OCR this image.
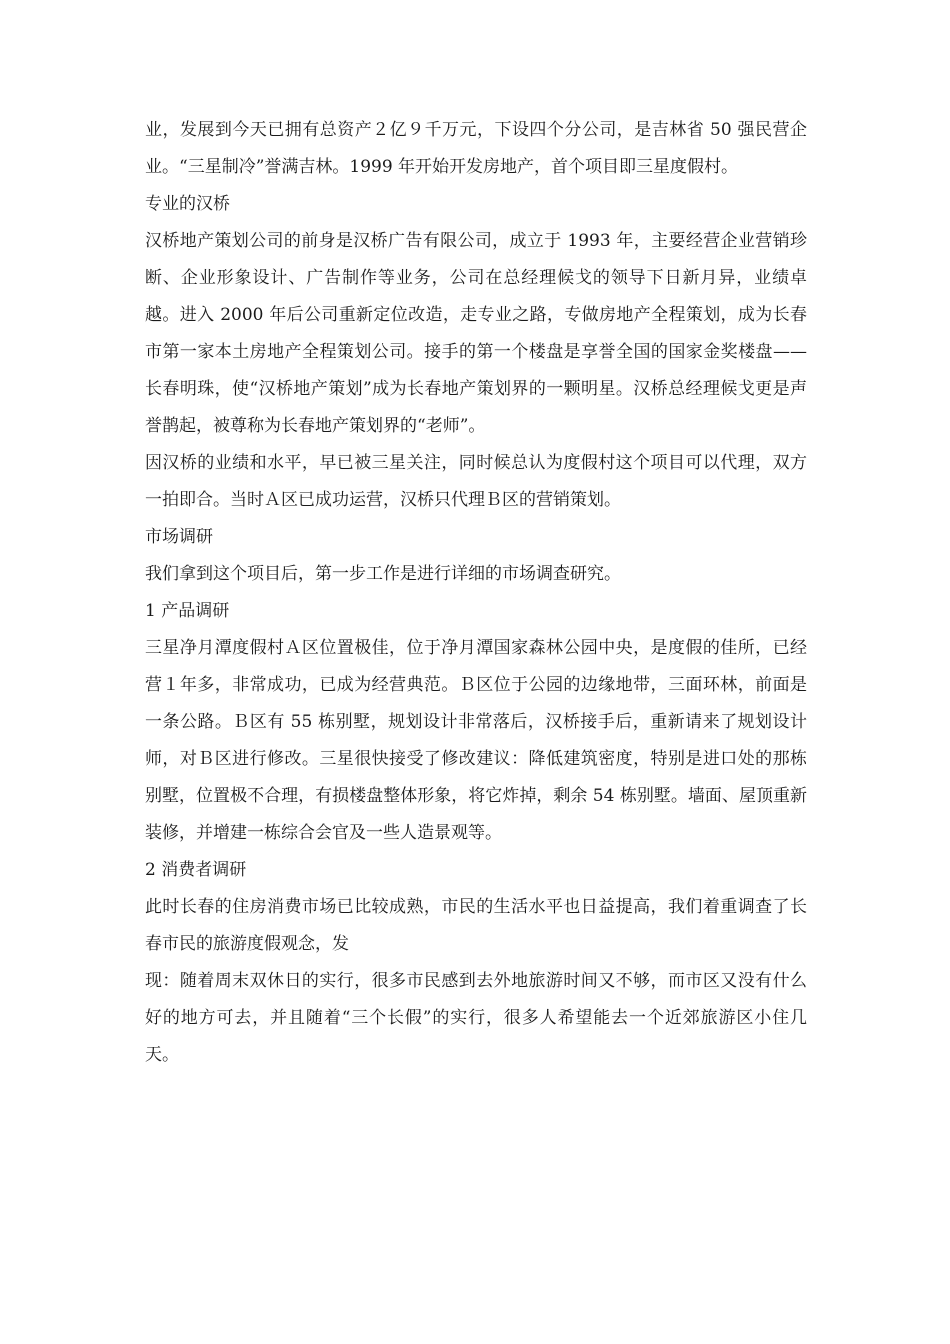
业，发展到今天已拥有总资产２亿９千万元，下设四个分公司，是吉林省 50 强民营企业。“三星制冷”誉满吉林。1999 年开始开发房地产，首个项目即三星度假村。

专业的汉桥

汉桥地产策划公司的前身是汉桥广告有限公司，成立于 1993 年，主要经营企业营销珍断、企业形象设计、广告制作等业务，公司在总经理候戈的领导下日新月异，业绩卓越。进入 2000 年后公司重新定位改造，走专业之路，专做房地产全程策划，成为长春市第一家本土房地产全程策划公司。接手的第一个楼盘是享誉全国的国家金奖楼盘——长春明珠，使“汉桥地产策划”成为长春地产策划界的一颗明星。汉桥总经理候戈更是声誉鹊起，被尊称为长春地产策划界的“老师”。

因汉桥的业绩和水平，早已被三星关注，同时候总认为度假村这个项目可以代理，双方一拍即合。当时Ａ区已成功运营，汉桥只代理Ｂ区的营销策划。

市场调研

我们拿到这个项目后，第一步工作是进行详细的市场调查研究。

1 产品调研

三星净月潭度假村Ａ区位置极佳，位于净月潭国家森林公园中央，是度假的佳所，已经营１年多，非常成功，已成为经营典范。Ｂ区位于公园的边缘地带，三面环林，前面是一条公路。Ｂ区有 55 栋别墅，规划设计非常落后，汉桥接手后，重新请来了规划设计师，对Ｂ区进行修改。三星很快接受了修改建议：降低建筑密度，特别是进口处的那栋别墅，位置极不合理，有损楼盘整体形象，将它炸掉，剩余 54 栋别墅。墙面、屋顶重新装修，并增建一栋综合会官及一些人造景观等。

2 消费者调研

此时长春的住房消费市场已比较成熟，市民的生活水平也日益提高，我们着重调查了长春市民的旅游度假观念，发

现：随着周末双休日的实行，很多市民感到去外地旅游时间又不够，而市区又没有什么好的地方可去，并且随着“三个长假”的实行，很多人希望能去一个近郊旅游区小住几天。
